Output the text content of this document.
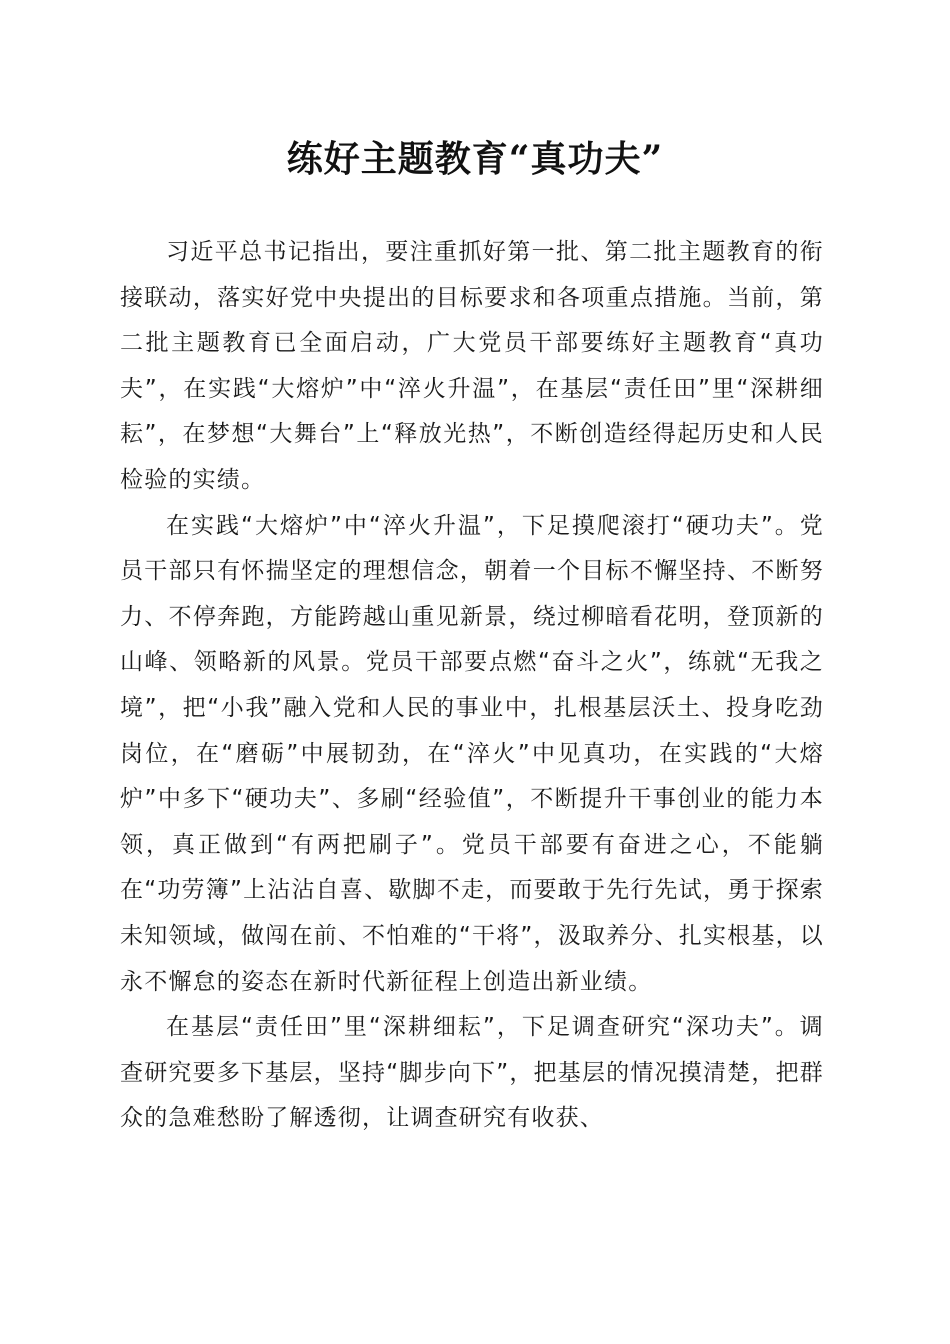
练好主题教育“真功夫”

习近平总书记指出，要注重抓好第一批、第二批主题教育的衔接联动，落实好党中央提出的目标要求和各项重点措施。当前，第二批主题教育已全面启动，广大党员干部要练好主题教育“真功夫”，在实践“大熔炉”中“淬火升温”，在基层“责任田”里“深耕细耘”，在梦想“大舞台”上“释放光热”，不断创造经得起历史和人民检验的实绩。

在实践“大熔炉”中“淬火升温”，下足摸爬滚打“硬功夫”。党员干部只有怀揣坚定的理想信念，朝着一个目标不懈坚持、不断努力、不停奔跑，方能跨越山重见新景，绕过柳暗看花明，登顶新的山峰、领略新的风景。党员干部要点燃“奋斗之火”，练就“无我之境”，把“小我”融入党和人民的事业中，扎根基层沃土、投身吃劲岗位，在“磨砺”中展韧劲，在“淬火”中见真功，在实践的“大熔炉”中多下“硬功夫”、多刷“经验值”，不断提升干事创业的能力本领，真正做到“有两把刷子”。党员干部要有奋进之心，不能躺在“功劳簿”上沾沾自喜、歇脚不走，而要敢于先行先试，勇于探索未知领域，做闯在前、不怕难的“干将”，汲取养分、扎实根基，以永不懈怠的姿态在新时代新征程上创造出新业绩。

在基层“责任田”里“深耕细耘”，下足调查研究“深功夫”。调查研究要多下基层，坚持“脚步向下”，把基层的情况摸清楚，把群众的急难愁盼了解透彻，让调查研究有收获、
